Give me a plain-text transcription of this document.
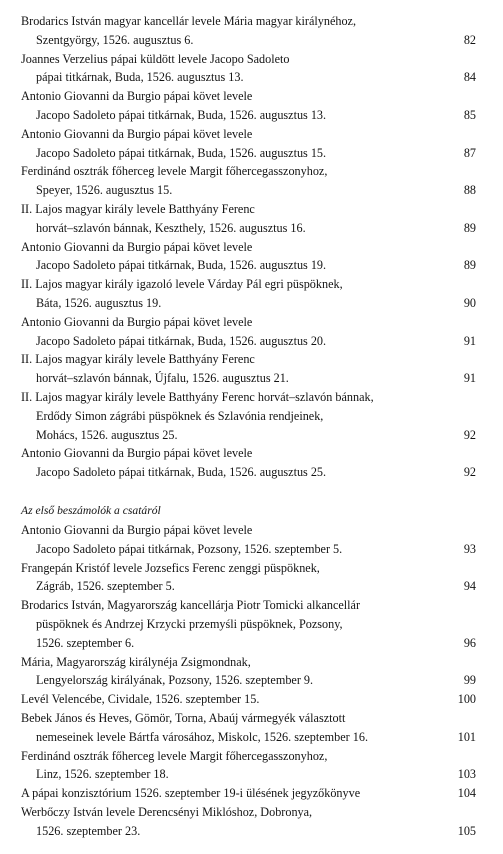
Brodarics István magyar kancellár levele Mária magyar királynéhoz,
Szentgyörgy, 1526. augusztus 6.	82
Joannes Verzelius pápai küldött levele Jacopo Sadoleto
pápai titkárnak, Buda, 1526. augusztus 13.	84
Antonio Giovanni da Burgio pápai követ levele
Jacopo Sadoleto pápai titkárnak, Buda, 1526. augusztus 13.	85
Antonio Giovanni da Burgio pápai követ levele
Jacopo Sadoleto pápai titkárnak, Buda, 1526. augusztus 15.	87
Ferdinánd osztrák főherceg levele Margit főhercegasszonyhoz,
Speyer, 1526. augusztus 15.	88
II. Lajos magyar király levele Batthyány Ferenc
horvát–szlavón bánnak, Keszthely, 1526. augusztus 16.	89
Antonio Giovanni da Burgio pápai követ levele
Jacopo Sadoleto pápai titkárnak, Buda, 1526. augusztus 19.	89
II. Lajos magyar király igazoló levele Várday Pál egri püspöknek,
Báta, 1526. augusztus 19.	90
Antonio Giovanni da Burgio pápai követ levele
Jacopo Sadoleto pápai titkárnak, Buda, 1526. augusztus 20.	91
II. Lajos magyar király levele Batthyány Ferenc
horvát–szlavón bánnak, Újfalu, 1526. augusztus 21.	91
II. Lajos magyar király levele Batthyány Ferenc horvát–szlavón bánnak,
Erdődy Simon zágrábi püspöknek és Szlavónia rendjeinek,
Mohács, 1526. augusztus 25.	92
Antonio Giovanni da Burgio pápai követ levele
Jacopo Sadoleto pápai titkárnak, Buda, 1526. augusztus 25.	92
Az első beszámolók a csatáról
Antonio Giovanni da Burgio pápai követ levele
Jacopo Sadoleto pápai titkárnak, Pozsony, 1526. szeptember 5.	93
Frangepán Kristóf levele Jozsefics Ferenc zenggi püspöknek,
Zágráb, 1526. szeptember 5.	94
Brodarics István, Magyarország kancellárja Piotr Tomicki alkancellár
püspöknek és Andrzej Krzycki przemyśli püspöknek, Pozsony,
1526. szeptember 6.	96
Mária, Magyarország királynéja Zsigmondnak,
Lengyelország királyának, Pozsony, 1526. szeptember 9.	99
Levél Velencébe, Cividale, 1526. szeptember 15.	100
Bebek János és Heves, Gömör, Torna, Abaúj vármegyék választott
nemeseinek levele Bártfa városához, Miskolc, 1526. szeptember 16.	101
Ferdinánd osztrák főherceg levele Margit főhercegasszonyhoz,
Linz, 1526. szeptember 18.	103
A pápai konzisztórium 1526. szeptember 19-i ülésének jegyzőkönyve	104
Werbőczy István levele Derencsényi Miklóshoz, Dobronya,
1526. szeptember 23.	105
